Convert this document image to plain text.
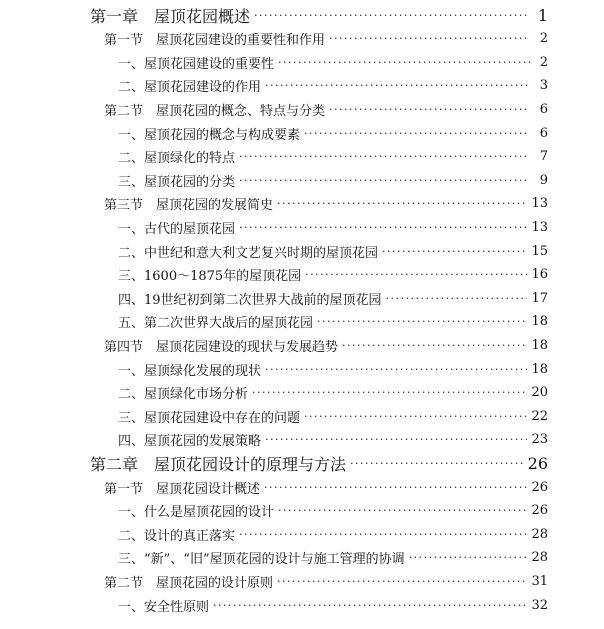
第一章　屋顶花园概述 ·····	1
第一节　屋顶花园建设的重要性和作用 ·····	2
一、屋顶花园建设的重要性 ·····	2
二、屋顶花园建设的作用 ·····	3
第二节　屋顶花园的概念、特点与分类 ·····	6
一、屋顶花园的概念与构成要素 ·····	6
二、屋顶绿化的特点 ·····	7
三、屋顶花园的分类 ·····	9
第三节　屋顶花园的发展简史 ·····	13
一、古代的屋顶花园 ·····	13
二、中世纪和意大利文艺复兴时期的屋顶花园 ·····	15
三、1600～1875年的屋顶花园 ·····	16
四、19世纪初到第二次世界大战前的屋顶花园 ·····	17
五、第二次世界大战后的屋顶花园 ·····	18
第四节　屋顶花园建设的现状与发展趋势 ·····	18
一、屋顶绿化发展的现状 ·····	18
二、屋顶绿化市场分析 ·····	20
三、屋顶花园建设中存在的问题 ·····	22
四、屋顶花园的发展策略 ·····	23
第二章　屋顶花园设计的原理与方法 ·····	26
第一节　屋顶花园设计概述 ·····	26
一、什么是屋顶花园的设计 ·····	26
二、设计的真正落实 ·····	28
三、“新”、“旧”屋顶花园的设计与施工管理的协调 ·····	28
第二节　屋顶花园的设计原则 ·····	31
一、安全性原则 ·····	32
